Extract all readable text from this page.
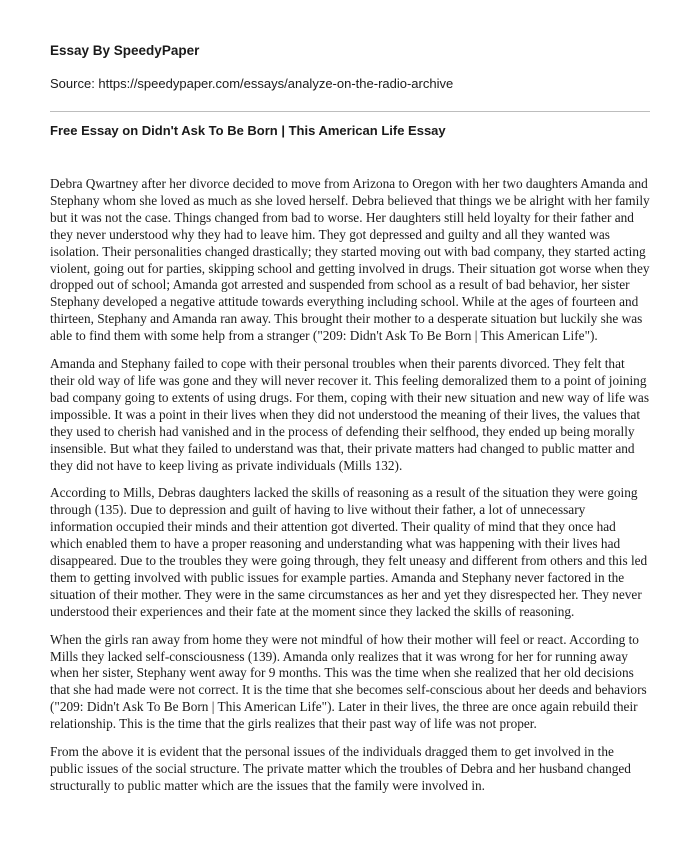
Essay By SpeedyPaper

Source: https://speedypaper.com/essays/analyze-on-the-radio-archive

Free Essay on Didn't Ask To Be Born | This American Life Essay

Debra Qwartney after her divorce decided to move from Arizona to Oregon with her two daughters Amanda and Stephany whom she loved as much as she loved herself. Debra believed that things we be alright with her family but it was not the case. Things changed from bad to worse. Her daughters still held loyalty for their father and they never understood why they had to leave him. They got depressed and guilty and all they wanted was isolation. Their personalities changed drastically; they started moving out with bad company, they started acting violent, going out for parties, skipping school and getting involved in drugs. Their situation got worse when they dropped out of school; Amanda got arrested and suspended from school as a result of bad behavior, her sister Stephany developed a negative attitude towards everything including school. While at the ages of fourteen and thirteen, Stephany and Amanda ran away. This brought their mother to a desperate situation but luckily she was able to find them with some help from a stranger ("209: Didn't Ask To Be Born | This American Life").

Amanda and Stephany failed to cope with their personal troubles when their parents divorced. They felt that their old way of life was gone and they will never recover it. This feeling demoralized them to a point of joining bad company going to extents of using drugs. For them, coping with their new situation and new way of life was impossible. It was a point in their lives when they did not understood the meaning of their lives, the values that they used to cherish had vanished and in the process of defending their selfhood, they ended up being morally insensible. But what they failed to understand was that, their private matters had changed to public matter and they did not have to keep living as private individuals (Mills 132).

According to Mills, Debras daughters lacked the skills of reasoning as a result of the situation they were going through (135). Due to depression and guilt of having to live without their father, a lot of unnecessary information occupied their minds and their attention got diverted. Their quality of mind that they once had which enabled them to have a proper reasoning and understanding what was happening with their lives had disappeared. Due to the troubles they were going through, they felt uneasy and different from others and this led them to getting involved with public issues for example parties. Amanda and Stephany never factored in the situation of their mother. They were in the same circumstances as her and yet they disrespected her. They never understood their experiences and their fate at the moment since they lacked the skills of reasoning.

When the girls ran away from home they were not mindful of how their mother will feel or react. According to Mills they lacked self-consciousness (139). Amanda only realizes that it was wrong for her for running away when her sister, Stephany went away for 9 months. This was the time when she realized that her old decisions that she had made were not correct. It is the time that she becomes self-conscious about her deeds and behaviors ("209: Didn't Ask To Be Born | This American Life"). Later in their lives, the three are once again rebuild their relationship. This is the time that the girls realizes that their past way of life was not proper.

From the above it is evident that the personal issues of the individuals dragged them to get involved in the public issues of the social structure. The private matter which the troubles of Debra and her husband changed structurally to public matter which are the issues that the family were involved in.
